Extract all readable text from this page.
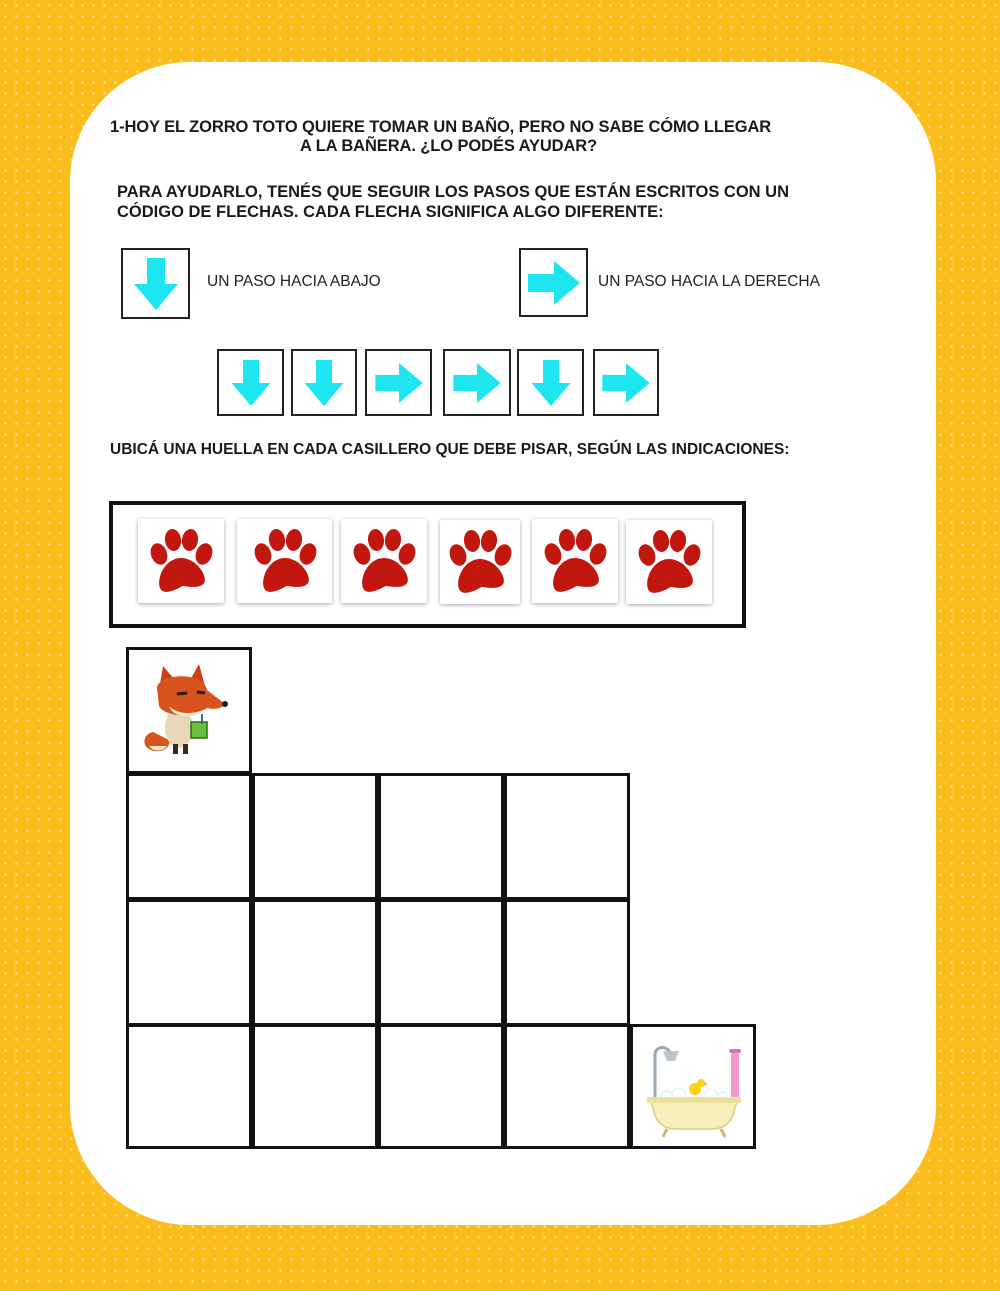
1-HOY EL ZORRO TOTO QUIERE TOMAR UN BAÑO, PERO NO SABE CÓMO LLEGAR
A LA BAÑERA. ¿LO PODÉS AYUDAR?
PARA AYUDARLO, TENÉS QUE SEGUIR LOS PASOS QUE ESTÁN ESCRITOS CON UN
CÓDIGO DE FLECHAS. CADA FLECHA SIGNIFICA ALGO DIFERENTE:
UN PASO HACIA ABAJO	UN PASO HACIA LA DERECHA
UBICÁ UNA HUELLA EN CADA CASILLERO QUE DEBE PISAR, SEGÚN LAS INDICACIONES:
